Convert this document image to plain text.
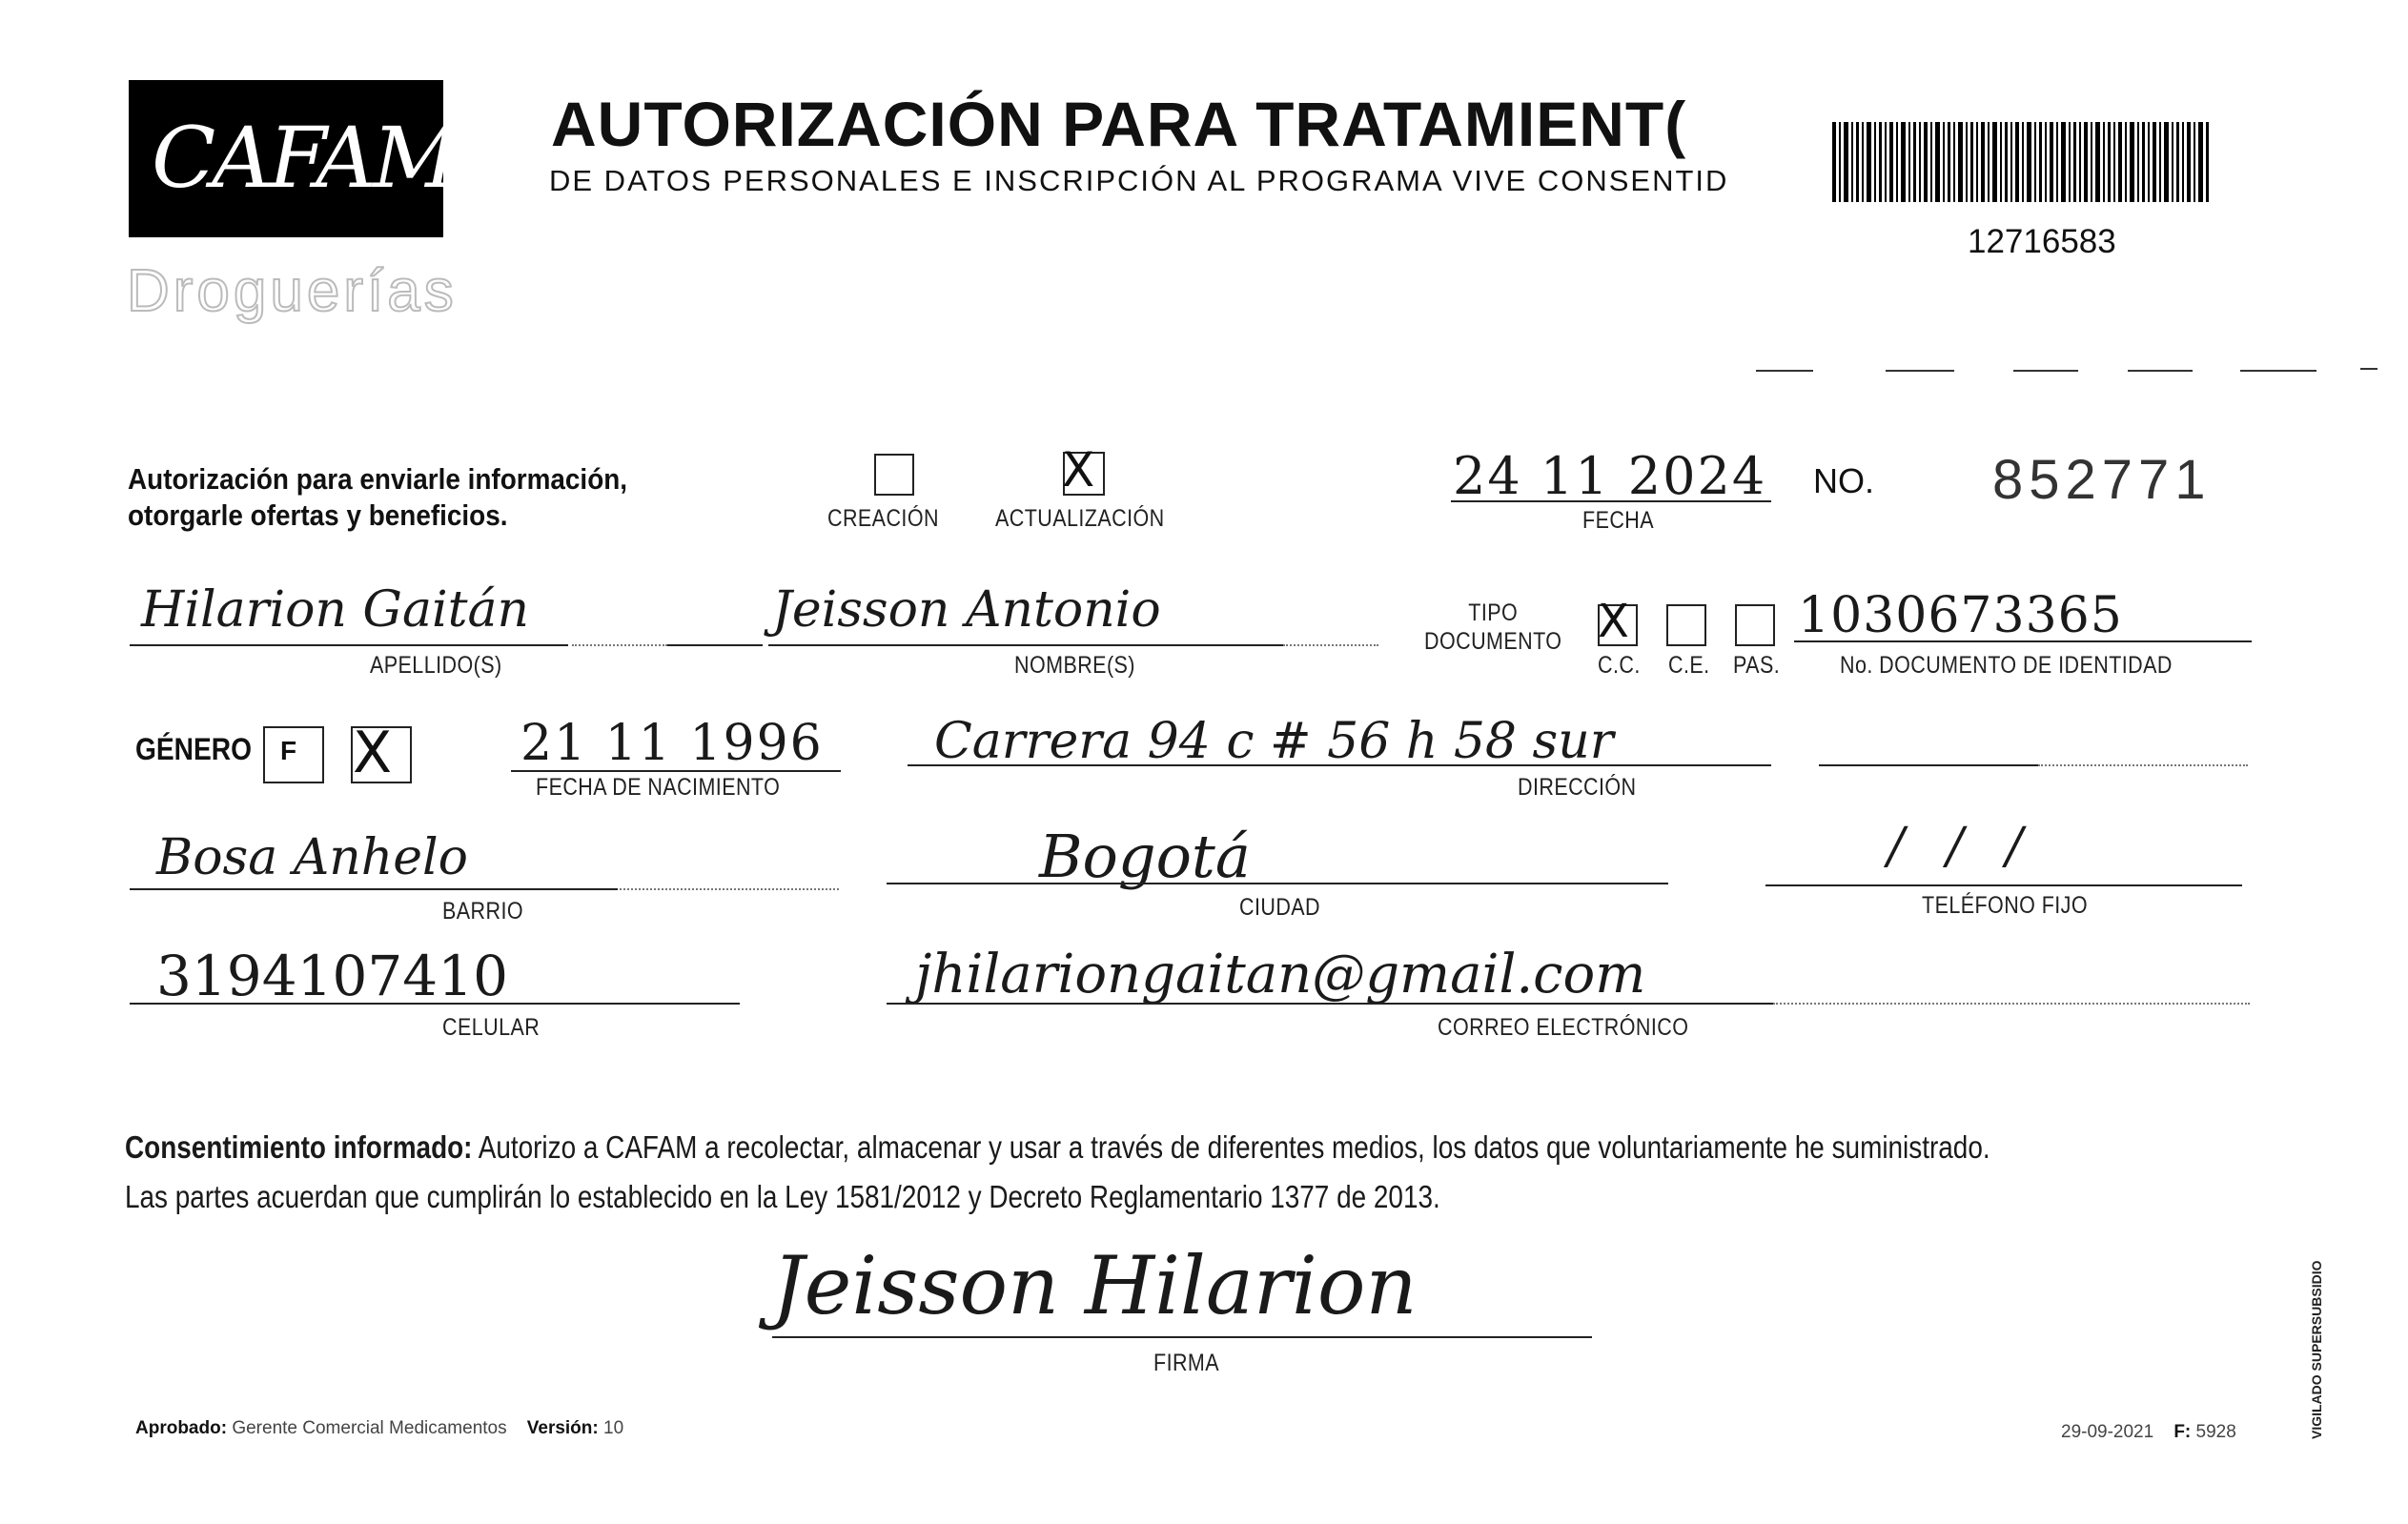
CAFAM
Droguerías
AUTORIZACIÓN PARA TRATAMIENT(
DE DATOS PERSONALES E INSCRIPCIÓN AL PROGRAMA VIVE CONSENTID
12716583
Autorización para enviarle información,
otorgarle ofertas y beneficios.	CREACIÓN
X
ACTUALIZACIÓN
24 11 2024
FECHA
NO. 852771
Hilarion Gaitán
APELLIDO(S)
Jeisson Antonio
NOMBRE(S)
TIPO
DOCUMENTO X
C.C. C.E. PAS.
1030673365
No. DOCUMENTO DE IDENTIDAD
GÉNERO F X	21 11 1996
FECHA DE NACIMIENTO
Carrera 94 c # 56 h 58 sur
DIRECCIÓN
Bosa Anhelo
BARRIO
Bogotá
CIUDAD
/ / /
TELÉFONO FIJO
3194107410
CELULAR
jhilariongaitan@gmail.com
CORREO ELECTRÓNICO
Consentimiento informado: Autorizo a CAFAM a recolectar, almacenar y usar a través de diferentes medios, los datos que voluntariamente he suministrado.
Las partes acuerdan que cumplirán lo establecido en la Ley 1581/2012 y Decreto Reglamentario 1377 de 2013.
Jeisson Hilarion
FIRMA
Aprobado: Gerente Comercial Medicamentos Versión: 10	29-09-2021 F: 5928	VIGILADO SUPERSUBSIDIO
